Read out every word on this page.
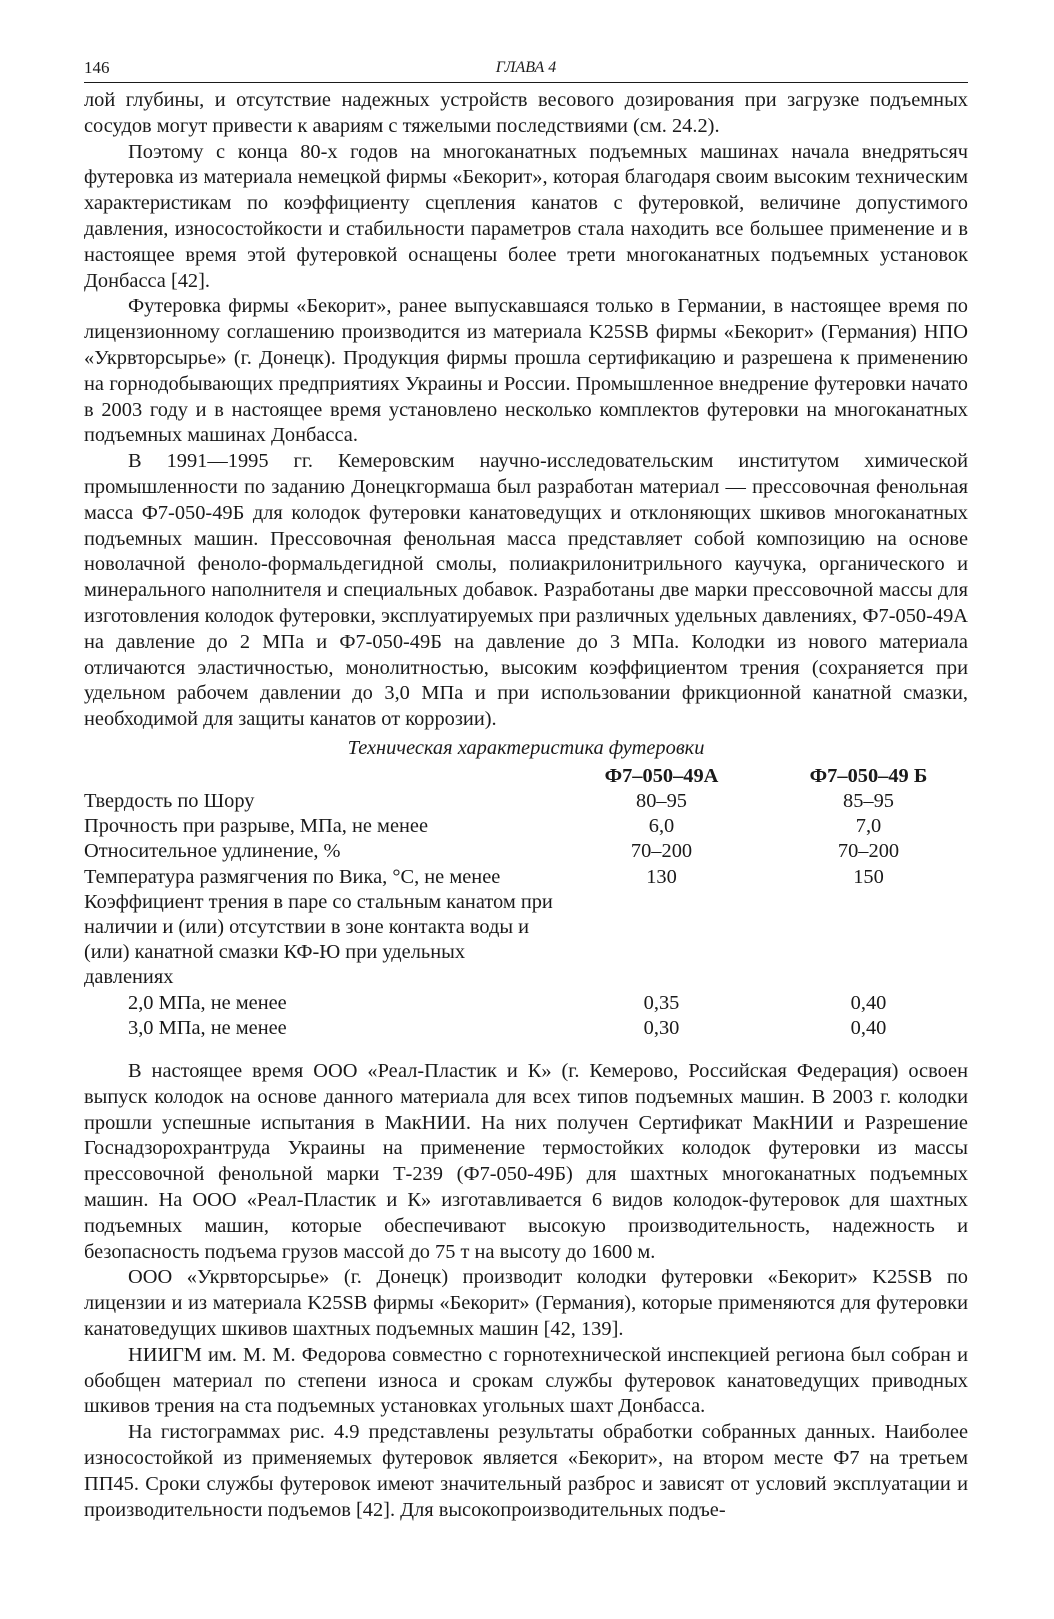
146	ГЛАВА 4

лой глубины, и отсутствие надежных устройств весового дозирования при загрузке подъемных сосудов могут привести к авариям с тяжелыми последствиями (см. 24.2).

Поэтому с конца 80-х годов на многоканатных подъемных машинах начала внедрятьсяч футеровка из материала немецкой фирмы «Бекорит», которая благодаря своим высоким техническим характеристикам по коэффициенту сцепления канатов с футеровкой, величине допустимого давления, износостойкости и стабильности параметров стала находить все большее применение и в настоящее время этой футеровкой оснащены более трети многоканатных подъемных установок Донбасса [42].

Футеровка фирмы «Бекорит», ранее выпускавшаяся только в Германии, в настоящее время по лицензионному соглашению производится из материала K25SB фирмы «Бекорит» (Германия) НПО «Укрвторсырье» (г. Донецк). Продукция фирмы прошла сертификацию и разрешена к применению на горнодобывающих предприятиях Украины и России. Промышленное внедрение футеровки начато в 2003 году и в настоящее время установлено несколько комплектов футеровки на многоканатных подъемных машинах Донбасса.

В 1991—1995 гг. Кемеровским научно-исследовательским институтом химической промышленности по заданию Донецкгормаша был разработан материал — прессовочная фенольная масса Ф7-050-49Б для колодок футеровки канатоведущих и отклоняющих шкивов многоканатных подъемных машин. Прессовочная фенольная масса представляет собой композицию на основе новолачной феноло-формальдегидной смолы, полиакрилонитрильного каучука, органического и минерального наполнителя и специальных добавок. Разработаны две марки прессовочной массы для изготовления колодок футеровки, эксплуатируемых при различных удельных давлениях, Ф7-050-49А на давление до 2 МПа и Ф7-050-49Б на давление до 3 МПа. Колодки из нового материала отличаются эластичностью, монолитностью, высоким коэффициентом трения (сохраняется при удельном рабочем давлении до 3,0 МПа и при использовании фрикционной канатной смазки, необходимой для защиты канатов от коррозии).

Техническая характеристика футеровки
	Ф7–050–49А	Ф7–050–49 Б
Твердость по Шору	80–95	85–95
Прочность при разрыве, МПа, не менее	6,0	7,0
Относительное удлинение, %	70–200	70–200
Температура размягчения по Вика, °С, не менее	130	150
Коэффициент трения в паре со стальным канатом при наличии и (или) отсутствии в зоне контакта воды и (или) канатной смазки КФ-Ю при удельных давлениях		
2,0 МПа, не менее	0,35	0,40
3,0 МПа, не менее	0,30	0,40

В настоящее время ООО «Реал-Пластик и К» (г. Кемерово, Российская Федерация) освоен выпуск колодок на основе данного материала для всех типов подъемных машин. В 2003 г. колодки прошли успешные испытания в МакНИИ. На них получен Сертификат МакНИИ и Разрешение Госнадзорохрантруда Украины на применение термостойких колодок футеровки из массы прессовочной фенольной марки Т-239 (Ф7-050-49Б) для шахтных многоканатных подъемных машин. На ООО «Реал-Пластик и К» изготавливается 6 видов колодок-футеровок для шахтных подъемных машин, которые обеспечивают высокую производительность, надежность и безопасность подъема грузов массой до 75 т на высоту до 1600 м.

ООО «Укрвторсырье» (г. Донецк) производит колодки футеровки «Бекорит» K25SB по лицензии и из материала K25SB фирмы «Бекорит» (Германия), которые применяются для футеровки канатоведущих шкивов шахтных подъемных машин [42, 139].

НИИГМ им. М. М. Федорова совместно с горнотехнической инспекцией региона был собран и обобщен материал по степени износа и срокам службы футеровок канатоведущих приводных шкивов трения на ста подъемных установках угольных шахт Донбасса.

На гистограммах рис. 4.9 представлены результаты обработки собранных данных. Наиболее износостойкой из применяемых футеровок является «Бекорит», на втором месте Ф7 на третьем ПП45. Сроки службы футеровок имеют значительный разброс и зависят от условий эксплуатации и производительности подъемов [42]. Для высокопроизводительных подъе-
